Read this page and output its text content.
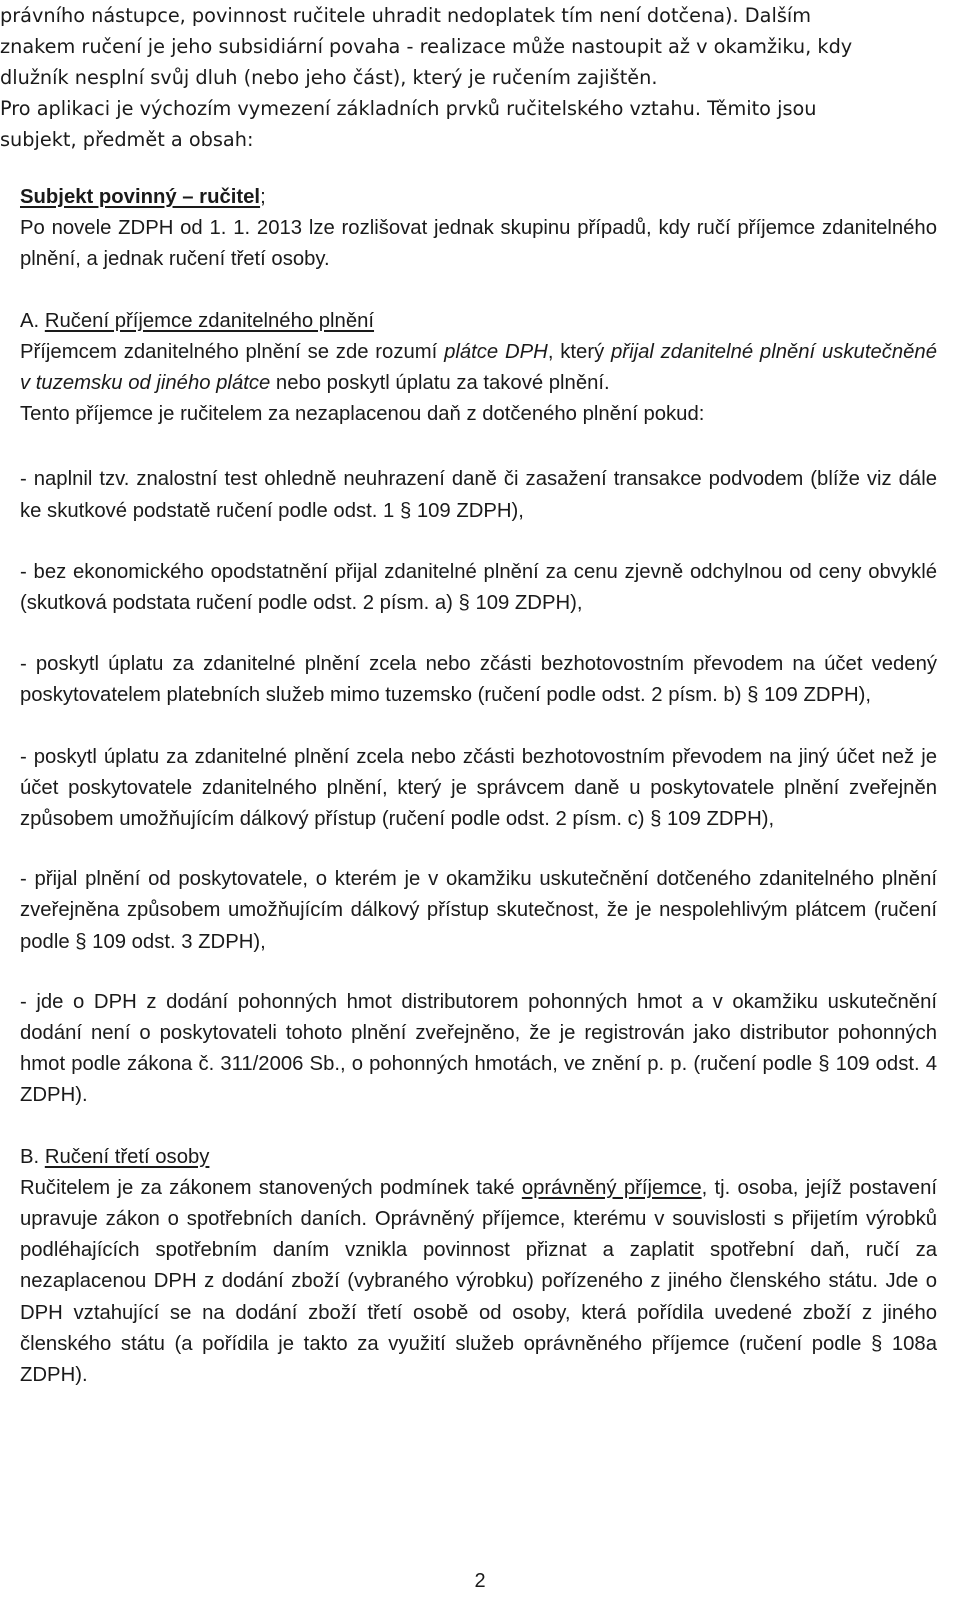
právního nástupce, povinnost ručitele uhradit nedoplatek tím není dotčena). Dalším

znakem ručení je jeho subsidiární povaha - realizace může nastoupit až v okamžiku, kdy

dlužník nesplní svůj dluh (nebo jeho část), který je ručením zajištěn.

Pro aplikaci je výchozím vymezení základních prvků ručitelského vztahu. Těmito jsou

subjekt, předmět a obsah:

Subjekt povinný – ručitel;

Po novele ZDPH od 1. 1. 2013 lze rozlišovat jednak skupinu případů, kdy ručí příjemce zdanitelného plnění, a jednak ručení třetí osoby.

A. Ručení příjemce zdanitelného plnění

Příjemcem zdanitelného plnění se zde rozumí plátce DPH, který přijal zdanitelné plnění uskutečněné v tuzemsku od jiného plátce nebo poskytl úplatu za takové plnění.

Tento příjemce je ručitelem za nezaplacenou daň z dotčeného plnění pokud:

- naplnil tzv. znalostní test ohledně neuhrazení daně či zasažení transakce podvodem (blíže viz dále ke skutkové podstatě ručení podle odst. 1 § 109 ZDPH),

- bez ekonomického opodstatnění přijal zdanitelné plnění za cenu zjevně odchylnou od ceny obvyklé (skutková podstata ručení podle odst. 2 písm. a) § 109 ZDPH),

- poskytl úplatu za zdanitelné plnění zcela nebo zčásti bezhotovostním převodem na účet vedený poskytovatelem platebních služeb mimo tuzemsko (ručení podle odst. 2 písm. b) § 109 ZDPH),

- poskytl úplatu za zdanitelné plnění zcela nebo zčásti bezhotovostním převodem na jiný účet než je účet poskytovatele zdanitelného plnění, který je správcem daně u poskytovatele plnění zveřejněn způsobem umožňujícím dálkový přístup (ručení podle odst. 2 písm. c) § 109 ZDPH),

- přijal plnění od poskytovatele, o kterém je v okamžiku uskutečnění dotčeného zdanitelného plnění zveřejněna způsobem umožňujícím dálkový přístup skutečnost, že je nespolehlivým plátcem (ručení podle § 109 odst. 3 ZDPH),

- jde o DPH z dodání pohonných hmot distributorem pohonných hmot a v okamžiku uskutečnění dodání není o poskytovateli tohoto plnění zveřejněno, že je registrován jako distributor pohonných hmot podle zákona č. 311/2006 Sb., o pohonných hmotách, ve znění p. p. (ručení podle § 109 odst. 4 ZDPH).

B. Ručení třetí osoby

Ručitelem je za zákonem stanovených podmínek také oprávněný příjemce, tj. osoba, jejíž postavení upravuje zákon o spotřebních daních. Oprávněný příjemce, kterému v souvislosti s přijetím výrobků podléhajících spotřebním daním vznikla povinnost přiznat a zaplatit spotřební daň, ručí za nezaplacenou DPH z dodání zboží (vybraného výrobku) pořízeného z jiného členského státu. Jde o DPH vztahující se na dodání zboží třetí osobě od osoby, která pořídila uvedené zboží z jiného členského státu (a pořídila je takto za využití služeb oprávněného příjemce (ručení podle § 108a ZDPH).

2
